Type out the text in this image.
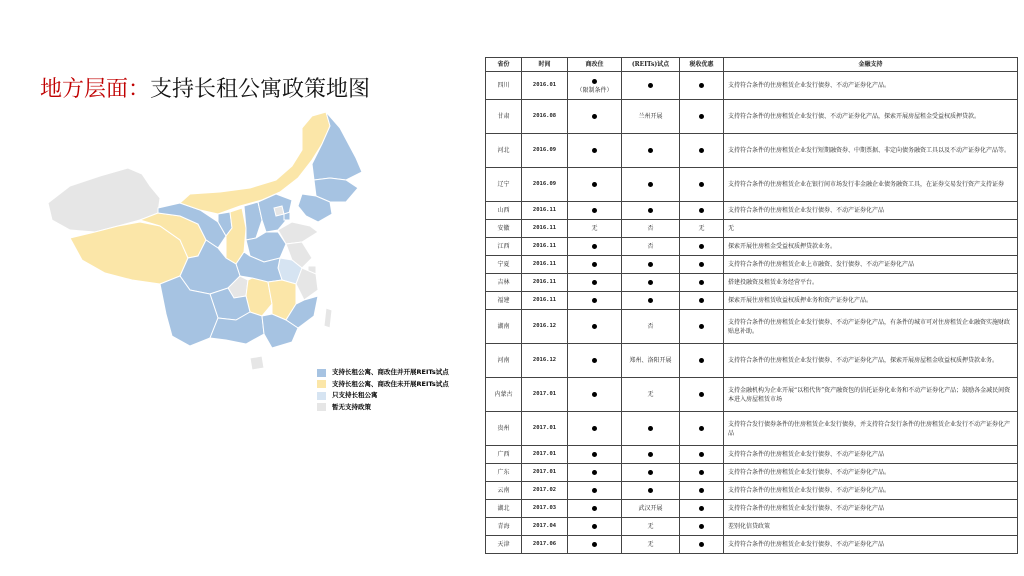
地方层面：支持长租公寓政策地图
支持长租公寓、商改住并开展REITs试点
支持长租公寓、商改住未开展REITs试点
只支持长租公寓
暂无支持政策
省份	时间	商改住	(REITs)试点	税收优惠	金融支持
四川	2016.01	（限制条件）			支持符合条件的住房租赁企业发行债券、不动产证券化产品。
甘肃	2016.08		兰州开展		支持符合条件的住房租赁企业发行债、不动产证券化产品，探索开展房屋租金受益权质押贷款。
河北	2016.09				支持符合条件的住房租赁企业发行短期融资券、中期票据、非定向债务融资工具以及不动产证券化产品等。
辽宁	2016.09				支持符合条件的住房租赁企业在银行间市场发行非金融企业债务融资工具，在证券交易发行资产支持证券
山西	2016.11				支持符合条件的住房租赁企业发行债券、不动产证券化产品
安徽	2016.11	无	否	无	无
江西	2016.11		否		探索开展住房租金受益权质押贷款业务。
宁夏	2016.11				支持符合条件的住房租赁企业上市融资、发行债券、不动产证券化产品
吉林	2016.11				搭建投融资及租赁业务经营平台。
福建	2016.11				探索开展住房租赁收益权质押业务和资产证券化产品。
湖南	2016.12		否		支持符合条件的住房租赁企业发行债券、不动产证券化产品，有条件的城市可对住房租赁企业融资实施财政贴息补助。
河南	2016.12		郑州、洛阳开展		支持符合条件的住房租赁企业发行债券、不动产证券化产品，探索开展房屋租金收益权质押贷款业务。
内蒙古	2017.01		无		支持金融机构为企业开展“以租代售”资产融资包的信托证券化业务和不动产证券化产品；鼓励各金减民间资本进入房屋租赁市场
贵州	2017.01				支持符合发行债券条件的住房租赁企业发行债券，并支持符合发行条件的住房租赁企业发行不动产证券化产品
广西	2017.01				支持符合条件的住房租赁企业发行债券、不动产证券化产品
广东	2017.01				支持符合条件的住房租赁企业发行债券、不动产证券化产品。
云南	2017.02				支持符合条件的住房租赁企业发行债券、不动产证券化产品。
湖北	2017.03		武汉开展		支持符合条件的住房租赁企业发行债券、不动产证券化产品
青海	2017.04		无		差别化信贷政策
天津	2017.06		无		支持符合条件的住房租赁企业发行债券、不动产证券化产品
